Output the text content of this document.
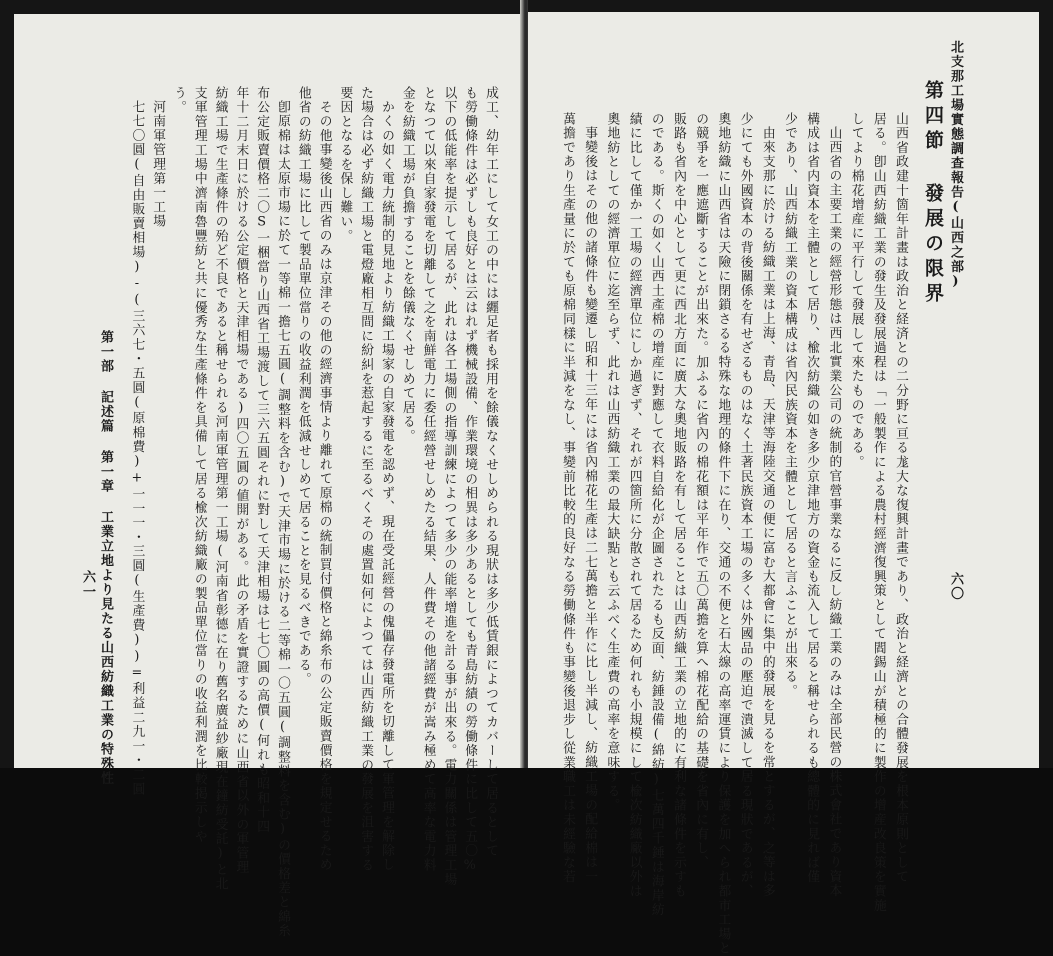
六一 第一部 記述篇 第一章 工業立地より見たる山西紡織工業の特殊性	成工、幼年工にして女工の中には纒足者も採用を餘儀なくせしめられる現狀は多少低賃銀によつてカバーして居るとして
も勞働條件は必ずしも良好とは云はれず機械設備、作業環境の相異は多少あるとしても青島紡績の勞働條件に比して五〇%
以下の低能率を提示して居るが、此れは各工場側の指導訓練によつて多少の能率增進を計る事が出來る。電力關係は管理工場
となつて以來自家發電を切離して之を南鮮電力に委任經營せしめたる結果、人件費その他諸經費が嵩み極めて高率な電力料
金を紡織工場が負擔することを餘儀なくせしめて居る。
かくの如く電力統制的見地より紡織工場家の自家發電を認めず、現在受託經營の傀儡存發電所を切離して軍管理を解除し
た場合は必ず紡織工場と電燈廠相互間に紛糾を惹起するに至るべくその處置如何によつては山西紡織工業の發展を沮害する
要因となるを保し難い。
その他事變後山西省のみは京津その他の經濟事情より離れて原棉の統制買付價格と綿糸布の公定販賣價格を規定せるため
他省の紡織工場に比して製品單位當りの收益利潤を低減せしめて居ることを見るべきである。
卽原棉は太原市場に於て一等棉一擔七五圓(調整料を含む)で天津市場に於ける二等棉一〇五圓(調整料を含む)の價格差と綿糸
布公定販賣價格二〇S一梱當り山西省工場渡して三六五圓それに對して天津相場は七七〇圓の高價(何れも昭和十四
年十二月末日に於ける公定價格と天津相場である)四〇五圓の値開がある。此の矛盾を實證するために山西省以外の軍管理
紡織工場で生產條件の殆ど不良であると稱せられる河南軍管理第一工場(河南省彰德に在り舊名廣益紗廠現在鐘紡受託)と北
支軍管理工場中濟南魯豐紡と共に優秀な生產條件を具備して居る楡次紡織廠の製品單位當りの收益利潤を比較掲示しや
う。
河南軍管理第一工場
七七〇圓(自由販賣相場)-(三六七・五圓(原棉費)+一一一・三圓(生產費))=利益二九一・二圓	北支那工場實態調查報告(山西之部)
六〇
第四節 發展の限界
山西省政建十箇年計畫は政治と経済との二分野に亘る尨大な復興計畫であり、政治と経濟との合體發展を根本原則として
居る。卽山西紡織工業の發生及發展過程は「一般製作による農村經濟復興策として閻錫山が積極的に製作の增産改良策を實施
してより棉花增産に平行して發展して來たものである。
山西省の主要工業の經營形態は西北實業公司の統制的官營事業なるに反し紡織工業のみは全部民營の株式會社であり資本
構成は省内資本を主體として居り、楡次紡織の如き多少京津地方の資金も流入して居ると稱せられるも總體的に見れば僅
少であり、山西紡織工業の資本構成は省內民族資本を主體として居ると言ふことが出來る。
由來支那に於ける紡織工業は上海、青島、天津等海陸交通の便に富む大都會に集中的發展を見るを常とするが、之等は多
少にても外國資本の背後關係を有せざるものはなく土著民族資本工場の多くは外國品の壓迫で潰滅して居る現狀であるが、
奧地紡織に山西省は天險に閉鎖さるる特殊な地理的條件下に在り、交通の不便と石太線の高率運賃により保護を加へられ都市工場と
の競爭を一應遮斷することが出來た。加ふるに省內の棉花額は平年作で五〇萬擔を算へ棉花配給の基礎を省內に有し、
販路も省內を中心として更に西北方面に廣大な奧地販路を有して居ることは山西紡織工業の立地的に有利な諸條件を示すも
のである。斯くの如く山西土產棉の增産に對應して衣料自給化が企圖されたるも反面、紡錘設備(綿紡)七萬四千錘は海岸紡
績に比して僅か一工場の經濟單位にしか過ぎず、それが四箇所に分散されて居るため何れも小規模にして楡次紡織廠以外は
奧地紡としての經濟單位に迄至らず、此れは山西紡織工業の最大缺點とも云ふべく生產費の高率を意味する。
事變後はその他の諸條件も變遷し昭和十三年には省內棉花生產は二七萬擔と半作に比し半減し、紡織工場の配給棉は一
萬擔であり生產量に於ても原棉同樣に半減をなし、事變前比較的良好なる勞働條件も事變後退步し從業職工は未經驗な若
